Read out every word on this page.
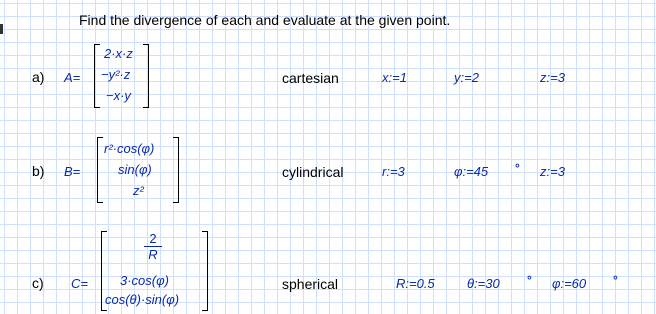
Find the divergence of each and evaluate at the given point.
a) A=
2·x·z
−y²·z
−x·y
cartesian	x:=1	y:=2	z:=3
b) B=
r²·cos(φ)
sin(φ)
z²
cylindrical	r:=3	φ:=45 ° z:=3
c) C=
$\frac{2}{R}$
3·cos(φ)
cos(θ)·sin(φ)
spherical	R:=0.5 θ:=30 ° φ:=60 °
